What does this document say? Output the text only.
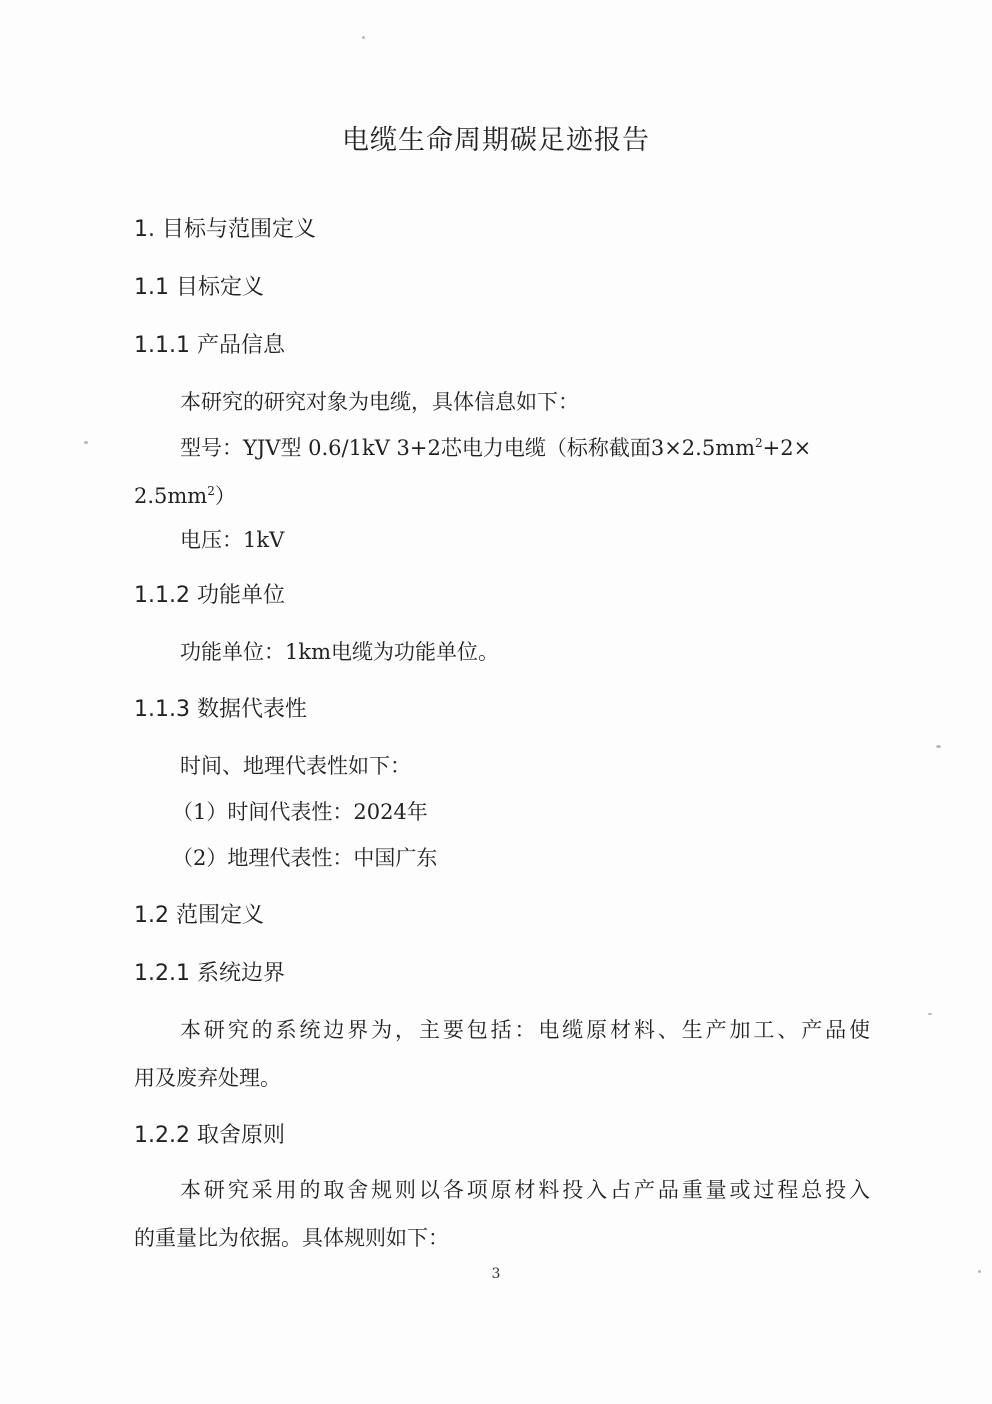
电缆生命周期碳足迹报告
1. 目标与范围定义
1.1 目标定义
1.1.1 产品信息
本研究的研究对象为电缆，具体信息如下：
型号：YJV型 0.6/1kV 3+2芯电力电缆（标称截面$3\times 2.5mm^2+2\times$
$2.5mm^2$）
电压：1kV
1.1.2 功能单位
功能单位：1km电缆为功能单位。
1.1.3 数据代表性
时间、地理代表性如下：
（1）时间代表性：2024年
（2）地理代表性：中国广东
1.2 范围定义
1.2.1 系统边界
本研究的系统边界为，主要包括：电缆原材料、生产加工、产品使
用及废弃处理。
1.2.2 取舍原则
本研究采用的取舍规则以各项原材料投入占产品重量或过程总投入
的重量比为依据。具体规则如下：
3
